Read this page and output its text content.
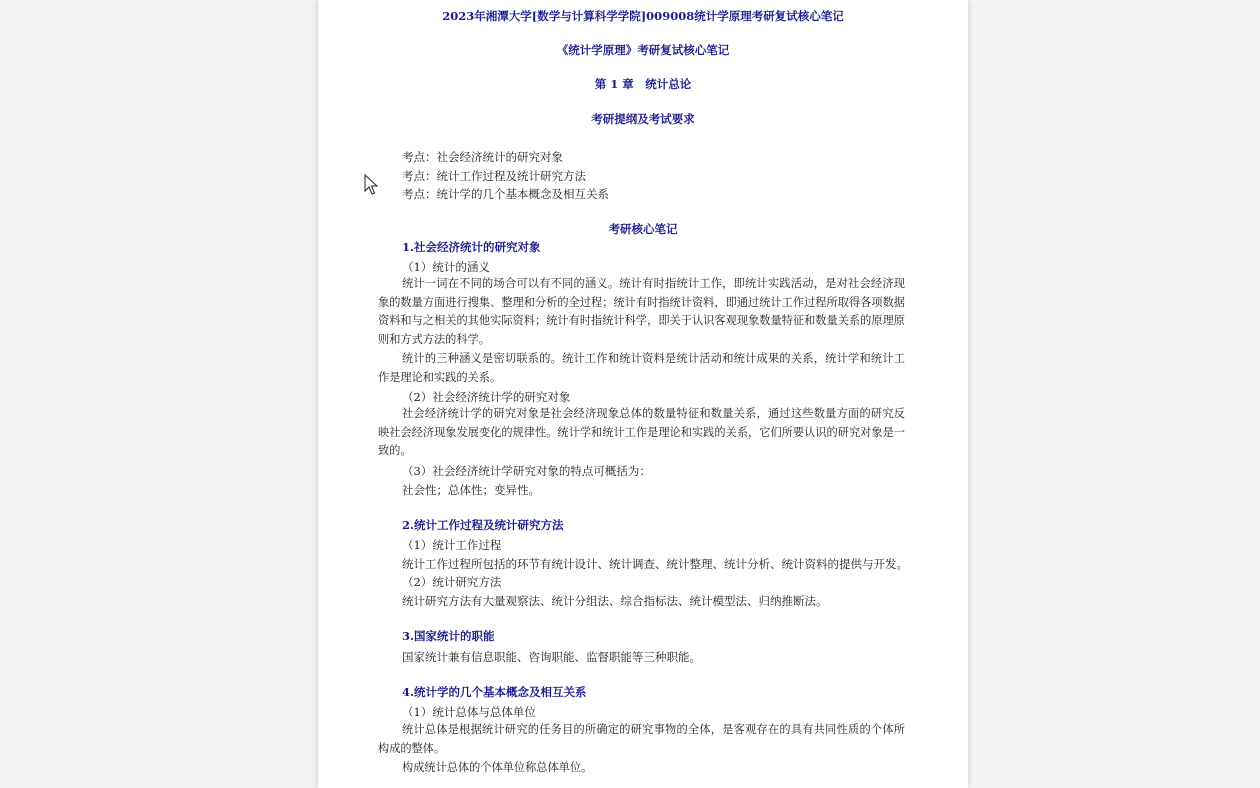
2023年湘潭大学[数学与计算科学学院]009008统计学原理考研复试核心笔记
《统计学原理》考研复试核心笔记
第 1 章　统计总论
考研提纲及考试要求
考点：社会经济统计的研究对象
考点：统计工作过程及统计研究方法
考点：统计学的几个基本概念及相互关系
考研核心笔记
1.社会经济统计的研究对象
（1）统计的涵义
统计一词在不同的场合可以有不同的涵义。统计有时指统计工作，即统计实践活动，是对社会经济现象的数量方面进行搜集、整理和分析的全过程；统计有时指统计资料，即通过统计工作过程所取得各项数据资料和与之相关的其他实际资料；统计有时指统计科学，即关于认识客观现象数量特征和数量关系的原理原则和方式方法的科学。
统计的三种涵义是密切联系的。统计工作和统计资料是统计活动和统计成果的关系，统计学和统计工作是理论和实践的关系。
（2）社会经济统计学的研究对象
社会经济统计学的研究对象是社会经济现象总体的数量特征和数量关系，通过这些数量方面的研究反映社会经济现象发展变化的规律性。统计学和统计工作是理论和实践的关系，它们所要认识的研究对象是一致的。
（3）社会经济统计学研究对象的特点可概括为：
社会性；总体性；变异性。
2.统计工作过程及统计研究方法
（1）统计工作过程
统计工作过程所包括的环节有统计设计、统计调查、统计整理、统计分析、统计资料的提供与开发。
（2）统计研究方法
统计研究方法有大量观察法、统计分组法、综合指标法、统计模型法、归纳推断法。
3.国家统计的职能
国家统计兼有信息职能、咨询职能、监督职能等三种职能。
4.统计学的几个基本概念及相互关系
（1）统计总体与总体单位
统计总体是根据统计研究的任务目的所确定的研究事物的全体，是客观存在的具有共同性质的个体所构成的整体。
构成统计总体的个体单位称总体单位。
